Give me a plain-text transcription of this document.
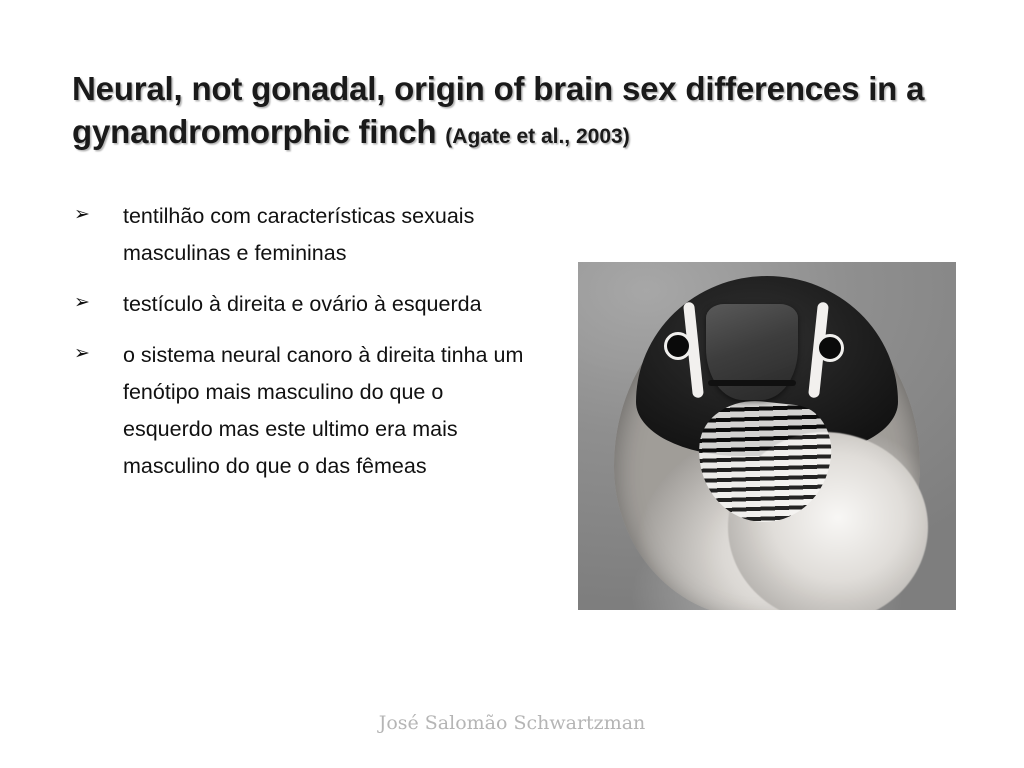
Neural, not gonadal, origin of brain sex differences in a gynandromorphic finch (Agate et al., 2003)
➢ tentilhão com características sexuais masculinas e femininas
➢ testículo à direita e ovário à esquerda
➢ o sistema neural canoro à direita tinha um fenótipo mais masculino do que o esquerdo mas este ultimo era mais masculino do que o das fêmeas
José Salomão Schwartzman
